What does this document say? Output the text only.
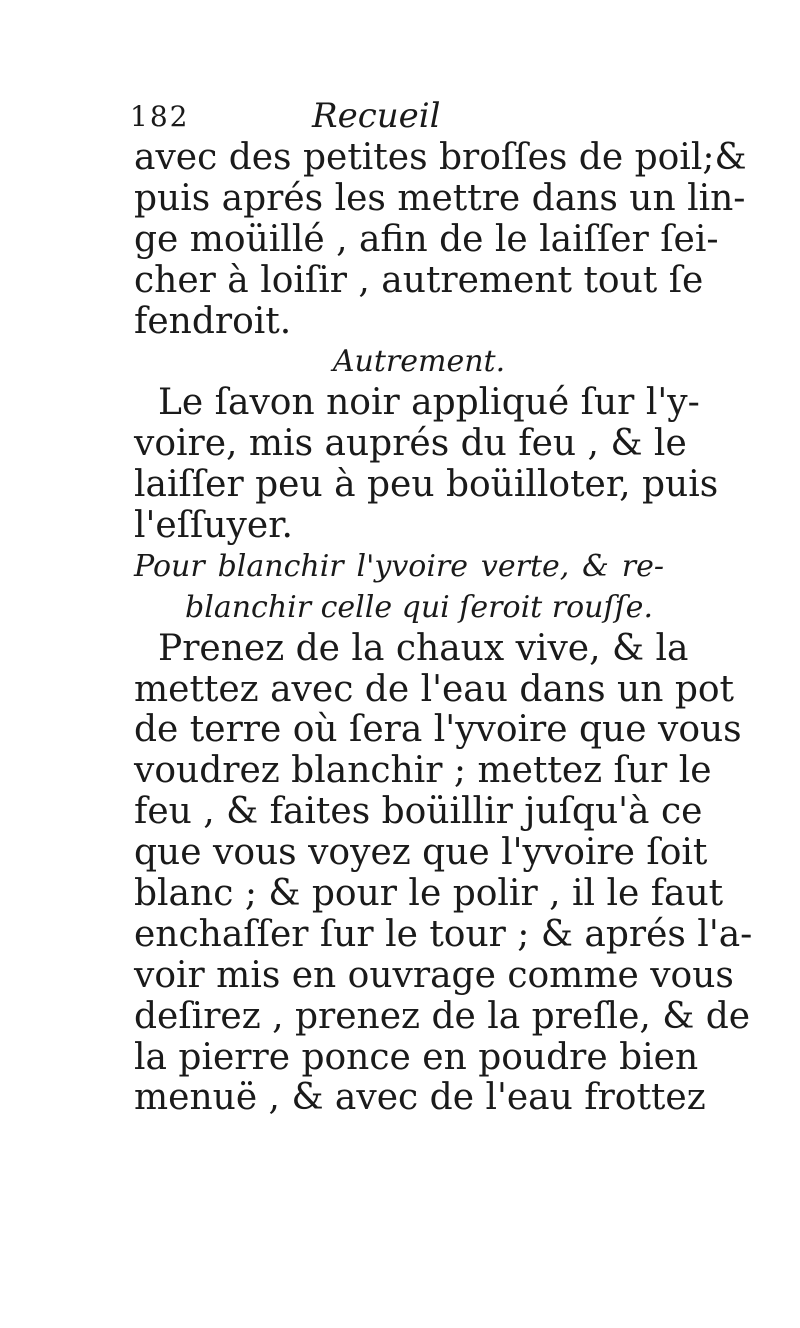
182	Recueil
avec des petites broſſes de poil;&
puis aprés les mettre dans un lin-
ge moüillé , afin de le laiſſer ſei-
cher à loiſir , autrement tout ſe
fendroit.
Autrement.
Le ſavon noir appliqué ſur l'y-
voire, mis auprés du feu , & le
laiſſer peu à peu boüilloter, puis
l'eſſuyer.
Pour blanchir l'yvoire verte, & re-
blanchir celle qui ſeroit rouſſe.
Prenez de la chaux vive, & la
mettez avec de l'eau dans un pot
de terre où ſera l'yvoire que vous
voudrez blanchir ; mettez ſur le
feu , & faites boüillir juſqu'à ce
que vous voyez que l'yvoire ſoit
blanc ; & pour le polir , il le faut
enchaſſer ſur le tour ; & aprés l'a-
voir mis en ouvrage comme vous
deſirez , prenez de la preſle, & de
la pierre ponce en poudre bien
menuë , & avec de l'eau frottez
